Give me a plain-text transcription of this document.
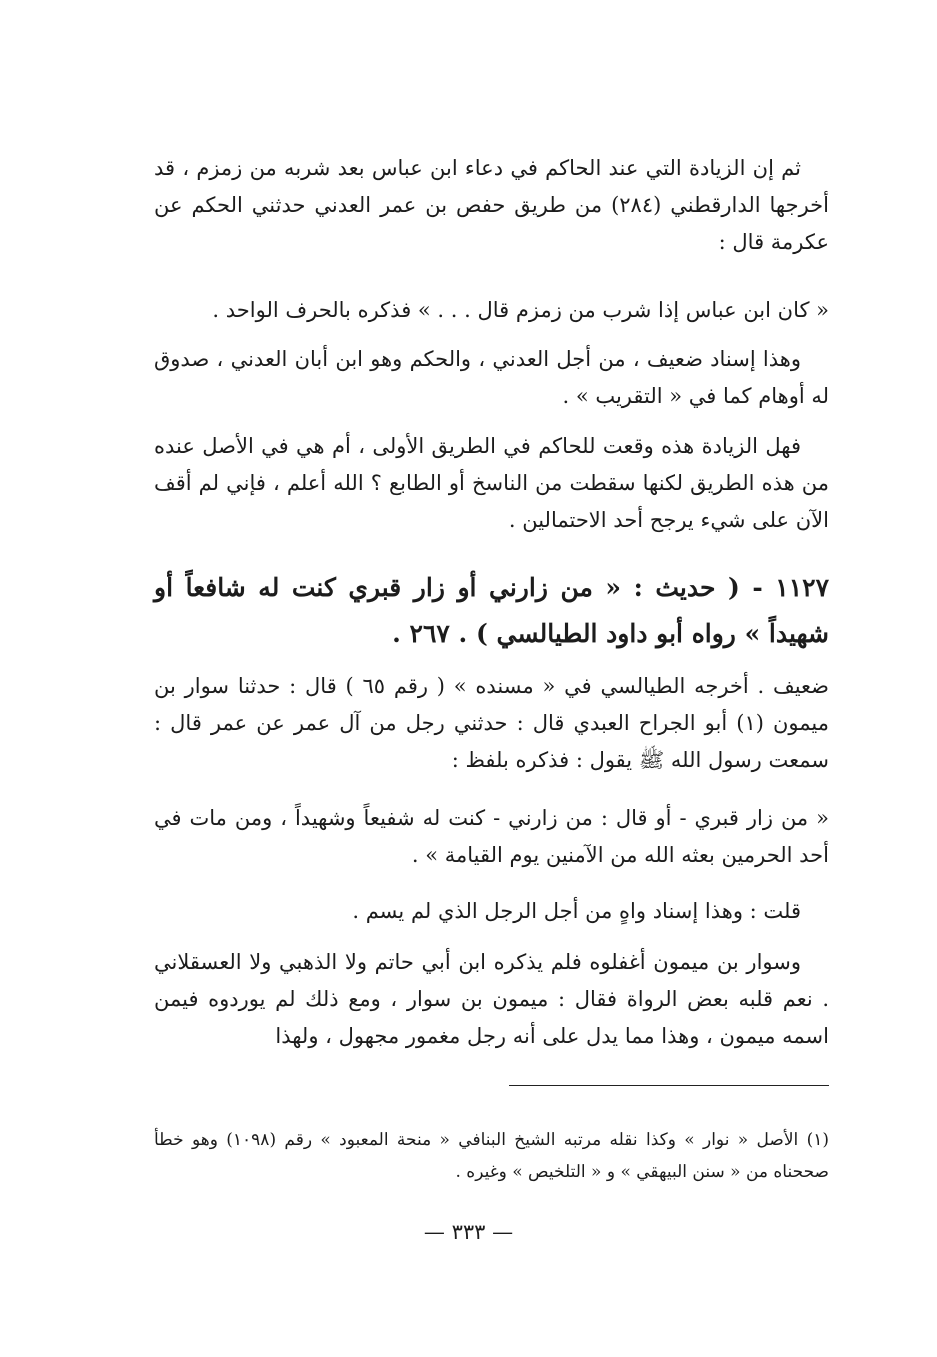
ثم إن الزيادة التي عند الحاكم في دعاء ابن عباس بعد شربه من زمزم ، قد أخرجها الدارقطني (٢٨٤) من طريق حفص بن عمر العدني حدثني الحكم عن عكرمة قال :

« كان ابن عباس إذا شرب من زمزم قال . . . » فذكره بالحرف الواحد .

وهذا إسناد ضعيف ، من أجل العدني ، والحكم وهو ابن أبان العدني ، صدوق له أوهام كما في « التقريب » .

فهل الزيادة هذه وقعت للحاكم في الطريق الأولى ، أم هي في الأصل عنده من هذه الطريق لكنها سقطت من الناسخ أو الطابع ؟ الله أعلم ، فإني لم أقف الآن على شيء يرجح أحد الاحتمالين .

١١٢٧ - ( حديث : « من زارني أو زار قبري كنت له شافعاً أو شهيداً » رواه أبو داود الطيالسي ) . ٢٦٧ .

ضعيف . أخرجه الطيالسي في « مسنده » ( رقم ٦٥ ) قال : حدثنا سوار بن ميمون (١) أبو الجراح العبدي قال : حدثني رجل من آل عمر عن عمر قال : سمعت رسول الله ﷺ يقول : فذكره بلفظ :

« من زار قبري - أو قال : من زارني - كنت له شفيعاً وشهيداً ، ومن مات في أحد الحرمين بعثه الله من الآمنين يوم القيامة » .

قلت : وهذا إسناد واهٍ من أجل الرجل الذي لم يسم .

وسوار بن ميمون أغفلوه فلم يذكره ابن أبي حاتم ولا الذهبي ولا العسقلاني . نعم قلبه بعض الرواة فقال : ميمون بن سوار ، ومع ذلك لم يوردوه فيمن اسمه ميمون ، وهذا مما يدل على أنه رجل مغمور مجهول ، ولهذا

(١) الأصل « نوار » وكذا نقله مرتبه الشيخ البنافي « منحة المعبود » رقم (١٠٩٨) وهو خطأ صححناه من « سنن البيهقي » و « التلخيص » وغيره .

— ٣٣٣ —
